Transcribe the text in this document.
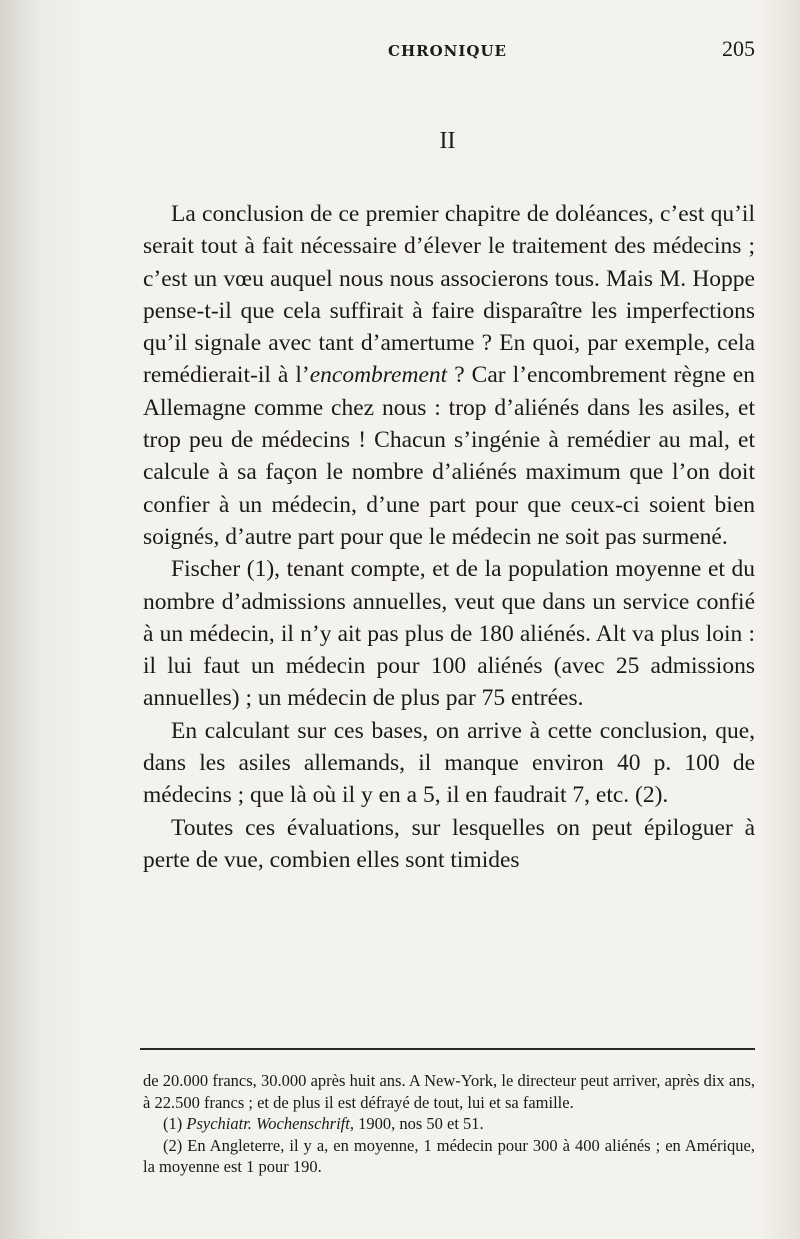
CHRONIQUE	205
II

La conclusion de ce premier chapitre de doléances, c’est qu’il serait tout à fait nécessaire d’élever le traitement des médecins ; c’est un vœu auquel nous nous associerons tous. Mais M. Hoppe pense-t-il que cela suffirait à faire disparaître les imperfections qu’il signale avec tant d’amertume ? En quoi, par exemple, cela remédierait-il à l’encombrement ? Car l’encombrement règne en Allemagne comme chez nous : trop d’aliénés dans les asiles, et trop peu de médecins ! Chacun s’ingénie à remédier au mal, et calcule à sa façon le nombre d’aliénés maximum que l’on doit confier à un médecin, d’une part pour que ceux-ci soient bien soignés, d’autre part pour que le médecin ne soit pas surmené.

Fischer (1), tenant compte, et de la population moyenne et du nombre d’admissions annuelles, veut que dans un service confié à un médecin, il n’y ait pas plus de 180 aliénés. Alt va plus loin : il lui faut un médecin pour 100 aliénés (avec 25 admissions annuelles) ; un médecin de plus par 75 entrées.

En calculant sur ces bases, on arrive à cette conclusion, que, dans les asiles allemands, il manque environ 40 p. 100 de médecins ; que là où il y en a 5, il en faudrait 7, etc. (2).

Toutes ces évaluations, sur lesquelles on peut épiloguer à perte de vue, combien elles sont timides

de 20.000 francs, 30.000 après huit ans. A New-York, le directeur peut arriver, après dix ans, à 22.500 francs ; et de plus il est défrayé de tout, lui et sa famille.

(1) Psychiatr. Wochenschrift, 1900, nos 50 et 51.

(2) En Angleterre, il y a, en moyenne, 1 médecin pour 300 à 400 aliénés ; en Amérique, la moyenne est 1 pour 190.
